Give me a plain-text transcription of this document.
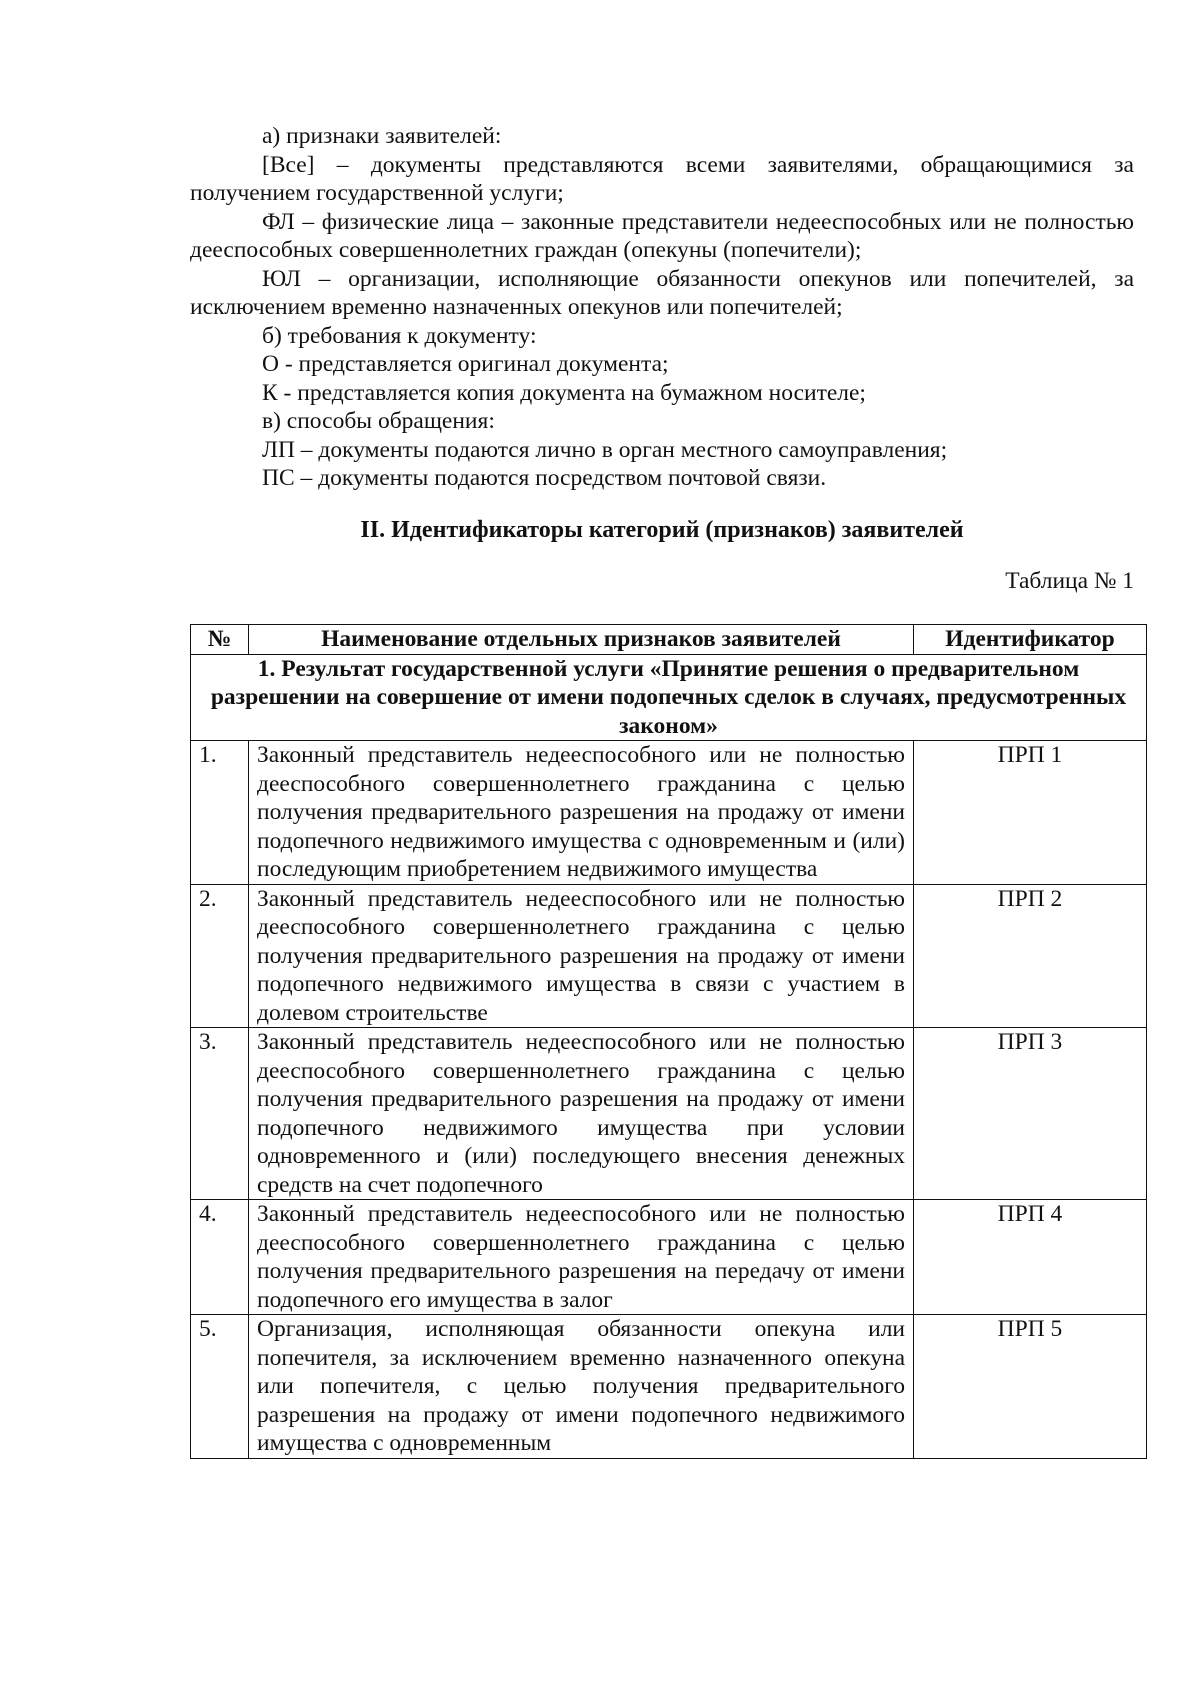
а) признаки заявителей:

[Все] – документы представляются всеми заявителями, обращающимися за получением государственной услуги;

ФЛ – физические лица – законные представители недееспособных или не полностью дееспособных совершеннолетних граждан (опекуны (попечители);

ЮЛ – организации, исполняющие обязанности опекунов или попечителей, за исключением временно назначенных опекунов или попечителей;

б) требования к документу:

О - представляется оригинал документа;

К - представляется копия документа на бумажном носителе;

в) способы обращения:

ЛП – документы подаются лично в орган местного самоуправления;

ПС – документы подаются посредством почтовой связи.

II. Идентификаторы категорий (признаков) заявителей

Таблица № 1

№	Наименование отдельных признаков заявителей	Идентификатор
1. Результат государственной услуги «Принятие решения о предварительном разрешении на совершение от имени подопечных сделок в случаях, предусмотренных законом»		
1.	Законный представитель недееспособного или не полностью дееспособного совершеннолетнего гражданина с целью получения предварительного разрешения на продажу от имени подопечного недвижимого имущества с одновременным и (или) последующим приобретением недвижимого имущества	ПРП 1
2.	Законный представитель недееспособного или не полностью дееспособного совершеннолетнего гражданина с целью получения предварительного разрешения на продажу от имени подопечного недвижимого имущества в связи с участием в долевом строительстве	ПРП 2
3.	Законный представитель недееспособного или не полностью дееспособного совершеннолетнего гражданина с целью получения предварительного разрешения на продажу от имени подопечного недвижимого имущества при условии одновременного и (или) последующего внесения денежных средств на счет подопечного	ПРП 3
4.	Законный представитель недееспособного или не полностью дееспособного совершеннолетнего гражданина с целью получения предварительного разрешения на передачу от имени подопечного его имущества в залог	ПРП 4
5.	Организация, исполняющая обязанности опекуна или попечителя, за исключением временно назначенного опекуна или попечителя, с целью получения предварительного разрешения на продажу от имени подопечного недвижимого имущества с одновременным	ПРП 5
